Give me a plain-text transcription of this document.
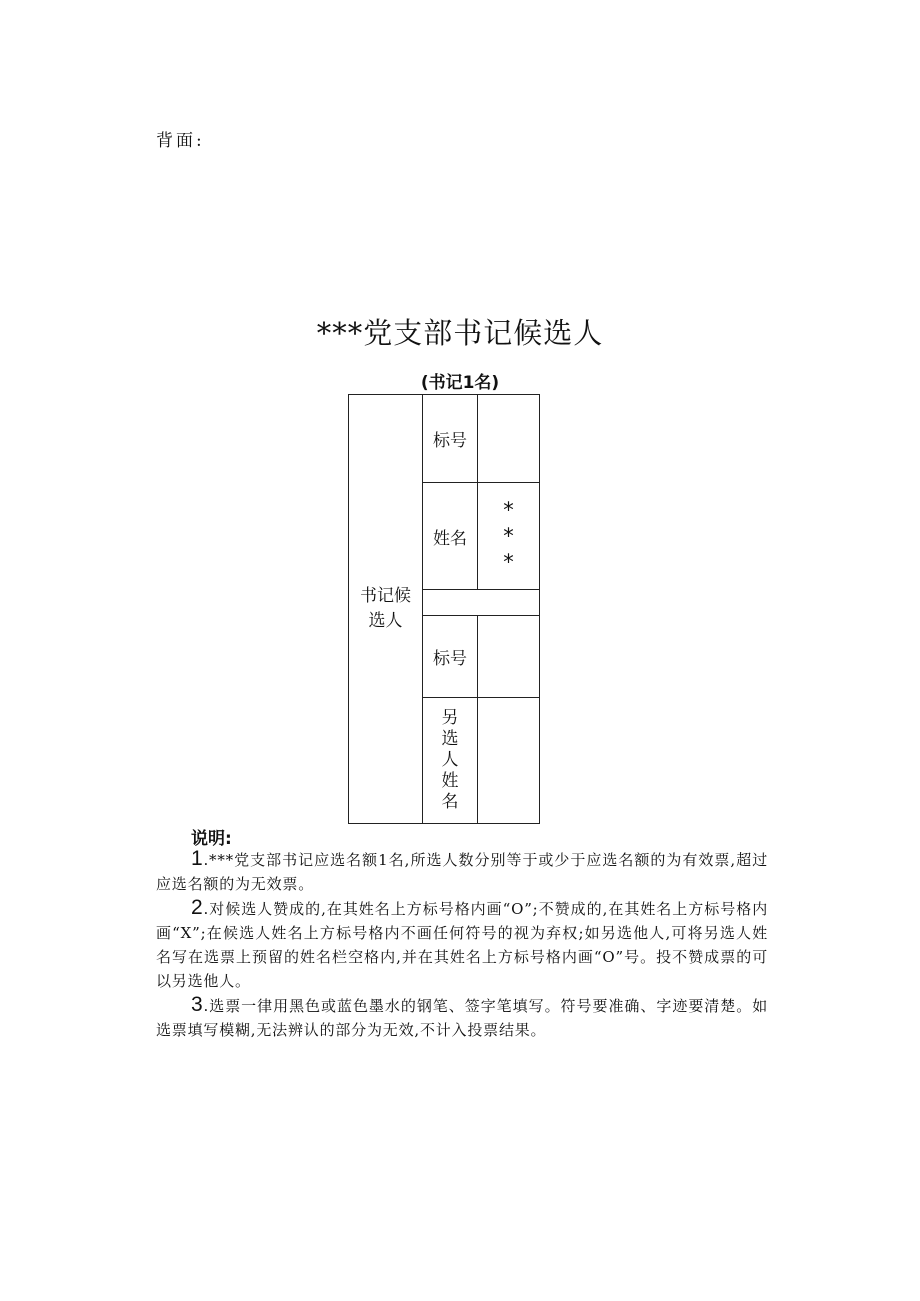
背面:
***党支部书记候选人
(书记1名)
书记候选人
标号
姓名
***
标号
另选人姓名
说明:

1.***党支部书记应选名额1名,所选人数分别等于或少于应选名额的为有效票,超过应选名额的为无效票。

2.对候选人赞成的,在其姓名上方标号格内画“O”;不赞成的,在其姓名上方标号格内画“X”;在候选人姓名上方标号格内不画任何符号的视为弃权;如另选他人,可将另选人姓名写在选票上预留的姓名栏空格内,并在其姓名上方标号格内画“O”号。投不赞成票的可以另选他人。

3.选票一律用黑色或蓝色墨水的钢笔、签字笔填写。符号要准确、字迹要清楚。如选票填写模糊,无法辨认的部分为无效,不计入投票结果。
